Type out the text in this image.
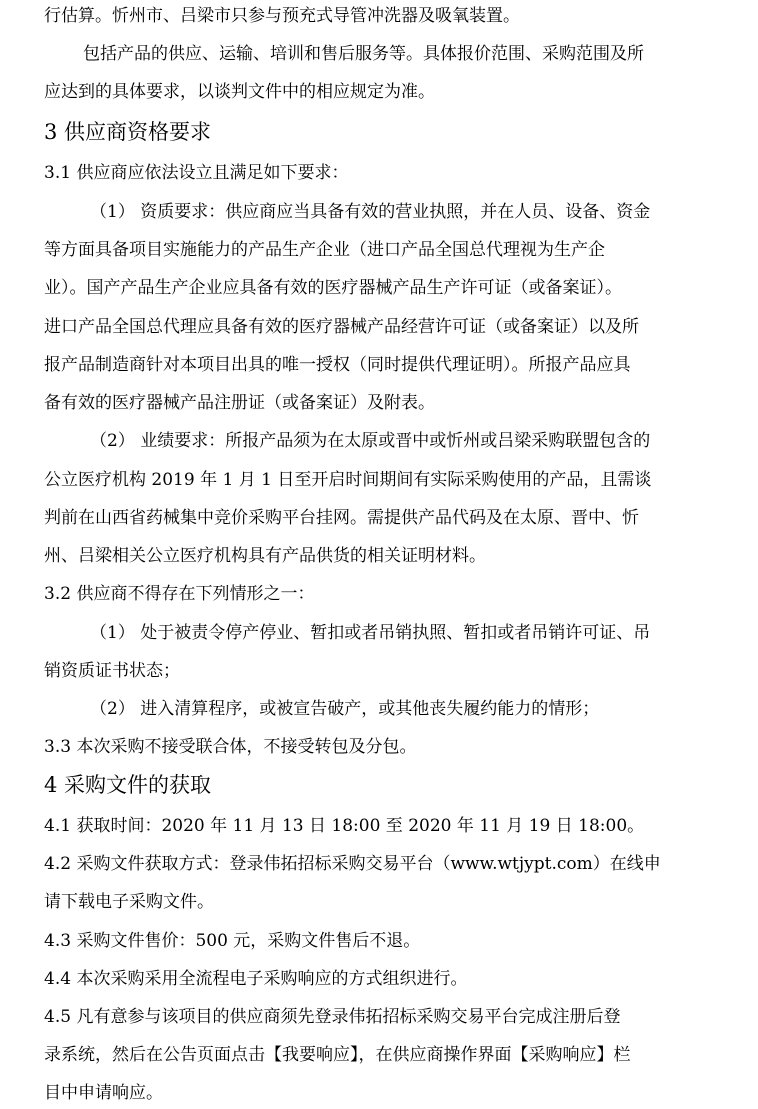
行估算。忻州市、吕梁市只参与预充式导管冲洗器及吸氧装置。

包括产品的供应、运输、培训和售后服务等。具体报价范围、采购范围及所

应达到的具体要求，以谈判文件中的相应规定为准。

3 供应商资格要求

3.1 供应商应依法设立且满足如下要求：

（1） 资质要求：供应商应当具备有效的营业执照，并在人员、设备、资金

等方面具备项目实施能力的产品生产企业（进口产品全国总代理视为生产企

业）。国产产品生产企业应具备有效的医疗器械产品生产许可证（或备案证）。

进口产品全国总代理应具备有效的医疗器械产品经营许可证（或备案证）以及所

报产品制造商针对本项目出具的唯一授权（同时提供代理证明）。所报产品应具

备有效的医疗器械产品注册证（或备案证）及附表。

（2） 业绩要求：所报产品须为在太原或晋中或忻州或吕梁采购联盟包含的

公立医疗机构 2019 年 1 月 1 日至开启时间期间有实际采购使用的产品，且需谈

判前在山西省药械集中竞价采购平台挂网。需提供产品代码及在太原、晋中、忻

州、吕梁相关公立医疗机构具有产品供货的相关证明材料。

3.2 供应商不得存在下列情形之一：

（1） 处于被责令停产停业、暂扣或者吊销执照、暂扣或者吊销许可证、吊

销资质证书状态；

（2） 进入清算程序，或被宣告破产，或其他丧失履约能力的情形；

3.3 本次采购不接受联合体，不接受转包及分包。

4 采购文件的获取

4.1 获取时间：2020 年 11 月 13 日 18:00 至 2020 年 11 月 19 日 18:00。

4.2 采购文件获取方式：登录伟拓招标采购交易平台（www.wtjypt.com）在线申

请下载电子采购文件。

4.3 采购文件售价：500 元，采购文件售后不退。

4.4 本次采购采用全流程电子采购响应的方式组织进行。

4.5 凡有意参与该项目的供应商须先登录伟拓招标采购交易平台完成注册后登

录系统，然后在公告页面点击【我要响应】，在供应商操作界面【采购响应】栏

目中申请响应。
